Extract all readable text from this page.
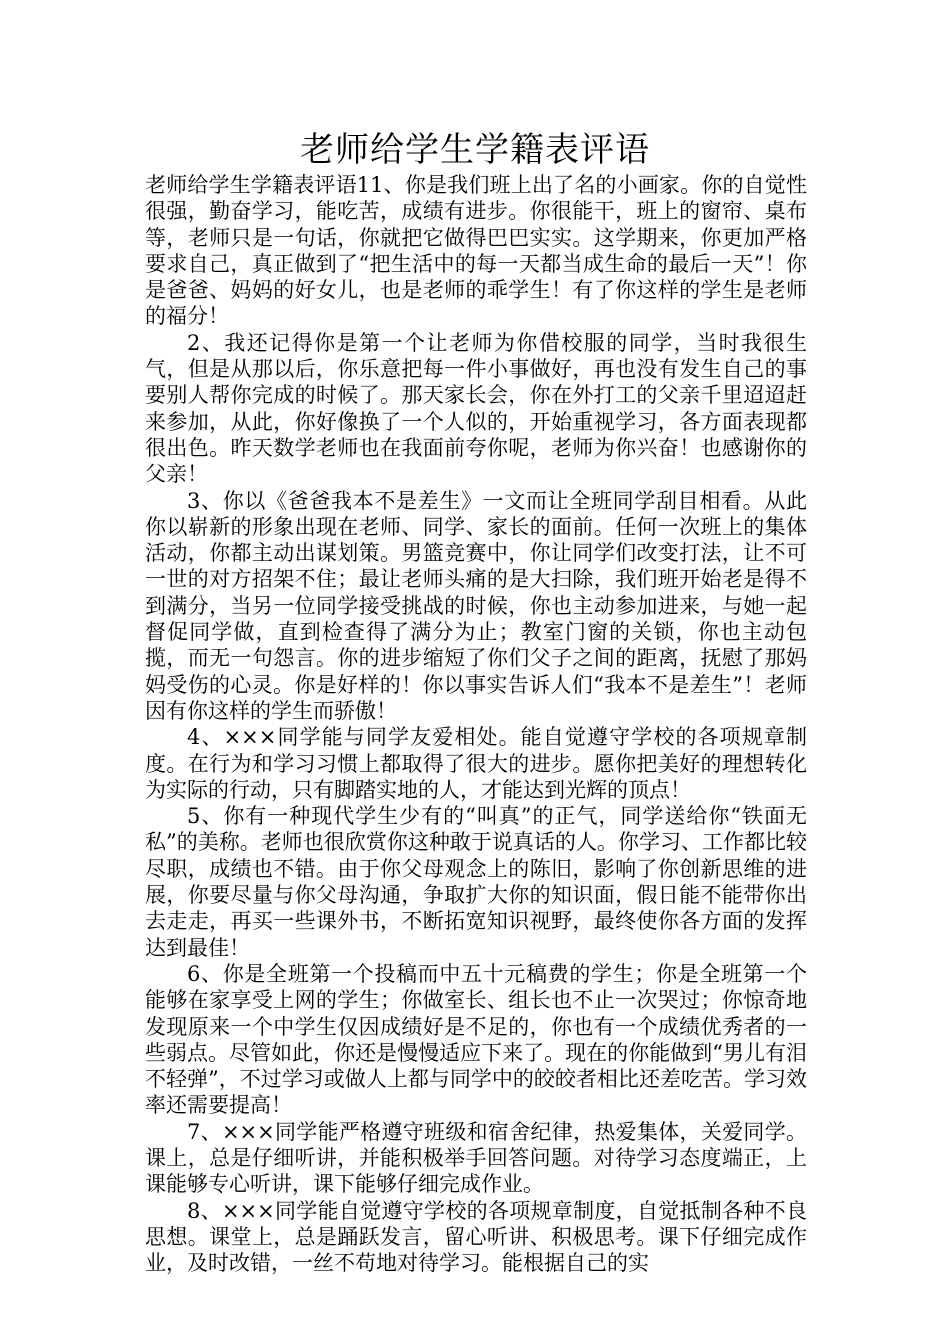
老师给学生学籍表评语

老师给学生学籍表评语11、你是我们班上出了名的小画家。你的自觉性很强，勤奋学习，能吃苦，成绩有进步。你很能干，班上的窗帘、桌布等，老师只是一句话，你就把它做得巴巴实实。这学期来，你更加严格要求自己，真正做到了“把生活中的每一天都当成生命的最后一天”！你是爸爸、妈妈的好女儿，也是老师的乖学生！有了你这样的学生是老师的福分！

2、我还记得你是第一个让老师为你借校服的同学，当时我很生气，但是从那以后，你乐意把每一件小事做好，再也没有发生自己的事要别人帮你完成的时候了。那天家长会，你在外打工的父亲千里迢迢赶来参加，从此，你好像换了一个人似的，开始重视学习，各方面表现都很出色。昨天数学老师也在我面前夸你呢，老师为你兴奋！也感谢你的父亲！

3、你以《爸爸我本不是差生》一文而让全班同学刮目相看。从此你以崭新的形象出现在老师、同学、家长的面前。任何一次班上的集体活动，你都主动出谋划策。男篮竞赛中，你让同学们改变打法，让不可一世的对方招架不住；最让老师头痛的是大扫除，我们班开始老是得不到满分，当另一位同学接受挑战的时候，你也主动参加进来，与她一起督促同学做，直到检查得了满分为止；教室门窗的关锁，你也主动包揽，而无一句怨言。你的进步缩短了你们父子之间的距离，抚慰了那妈妈受伤的心灵。你是好样的！你以事实告诉人们“我本不是差生”！老师因有你这样的学生而骄傲！

4、×××同学能与同学友爱相处。能自觉遵守学校的各项规章制度。在行为和学习习惯上都取得了很大的进步。愿你把美好的理想转化为实际的行动，只有脚踏实地的人，才能达到光辉的顶点！

5、你有一种现代学生少有的“叫真”的正气，同学送给你“铁面无私”的美称。老师也很欣赏你这种敢于说真话的人。你学习、工作都比较尽职，成绩也不错。由于你父母观念上的陈旧，影响了你创新思维的进展，你要尽量与你父母沟通，争取扩大你的知识面，假日能不能带你出去走走，再买一些课外书，不断拓宽知识视野，最终使你各方面的发挥达到最佳！

6、你是全班第一个投稿而中五十元稿费的学生；你是全班第一个能够在家享受上网的学生；你做室长、组长也不止一次哭过；你惊奇地发现原来一个中学生仅因成绩好是不足的，你也有一个成绩优秀者的一些弱点。尽管如此，你还是慢慢适应下来了。现在的你能做到“男儿有泪不轻弹”，不过学习或做人上都与同学中的皎皎者相比还差吃苦。学习效率还需要提高！

7、×××同学能严格遵守班级和宿舍纪律，热爱集体，关爱同学。课上，总是仔细听讲，并能积极举手回答问题。对待学习态度端正，上课能够专心听讲，课下能够仔细完成作业。

8、×××同学能自觉遵守学校的各项规章制度，自觉抵制各种不良思想。课堂上，总是踊跃发言，留心听讲、积极思考。课下仔细完成作业，及时改错，一丝不苟地对待学习。能根据自己的实
